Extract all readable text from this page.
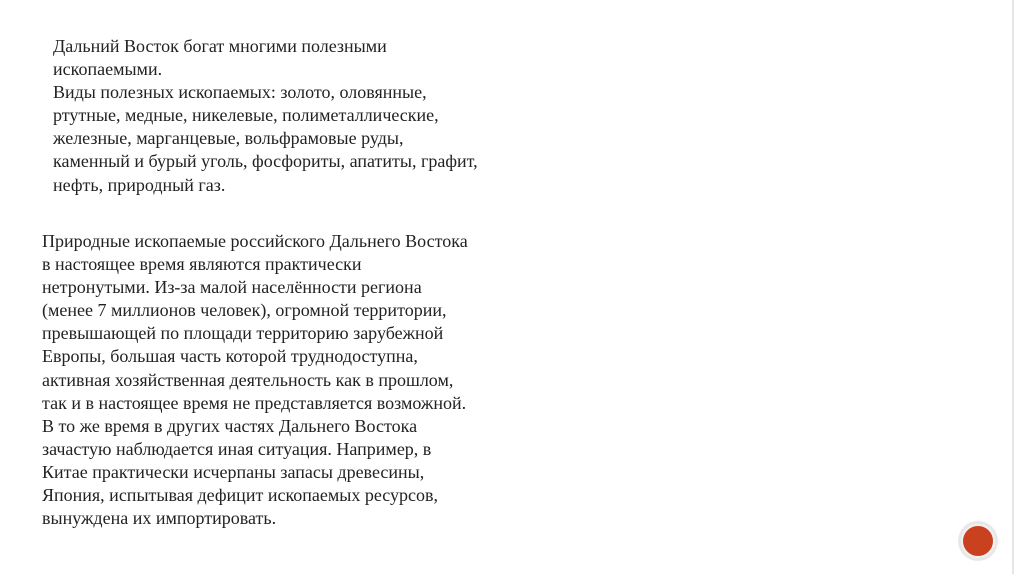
Дальний Восток богат многими полезными
ископаемыми.
Виды полезных ископаемых: золото, оловянные,
ртутные, медные, никелевые, полиметаллические,
железные, марганцевые, вольфрамовые руды,
каменный и бурый уголь, фосфориты, апатиты, графит,
нефть, природный газ.
Природные ископаемые российского Дальнего Востока
в настоящее время являются практически
нетронутыми. Из-за малой населённости региона
(менее 7 миллионов человек), огромной территории,
превышающей по площади территорию зарубежной
Европы, большая часть которой труднодоступна,
активная хозяйственная деятельность как в прошлом,
так и в настоящее время не представляется возможной.
В то же время в других частях Дальнего Востока
зачастую наблюдается иная ситуация. Например, в
Китае практически исчерпаны запасы древесины,
Япония, испытывая дефицит ископаемых ресурсов,
вынуждена их импортировать.
